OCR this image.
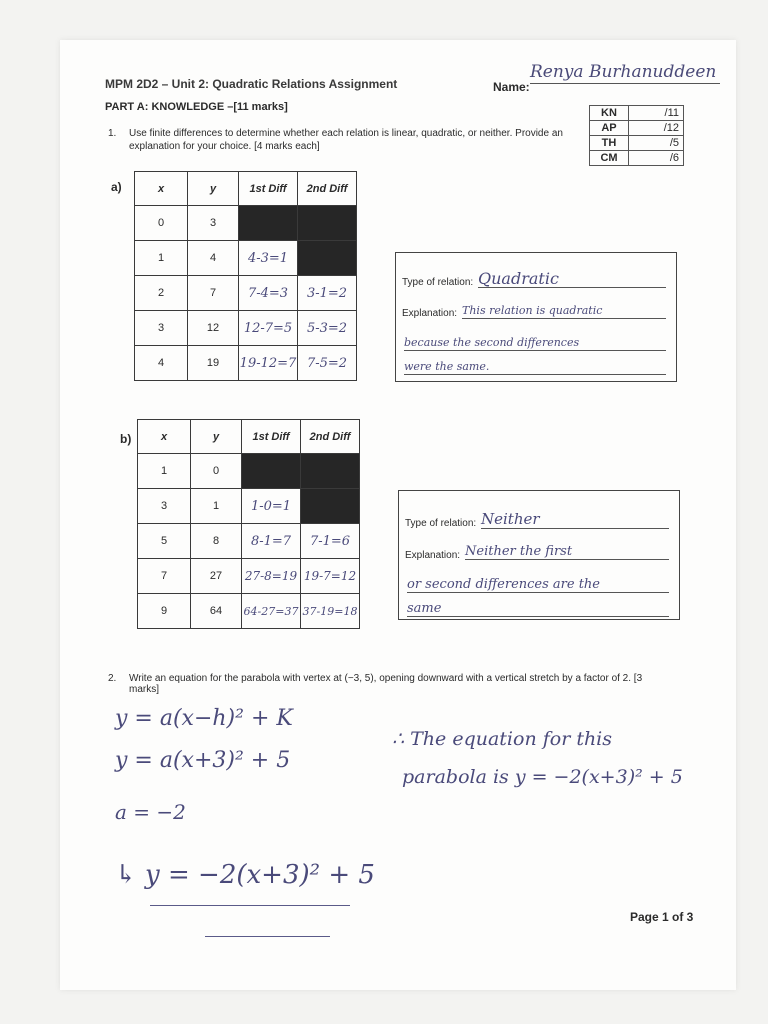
MPM 2D2 – Unit 2: Quadratic Relations Assignment	Name:
Renya Burhanuddeen
PART A: KNOWLEDGE –[11 marks]	KN	/11
AP	/12
TH	/5
CM	/6
1. Use finite differences to determine whether each relation is linear, quadratic, or neither. Provide an explanation for your choice. [4 marks each]
a)	x	y	1st Diff	2nd Diff
0	3		
1	4	4-3=1	
2	7	7-4=3	3-1=2
3	12	12-7=5	5-3=2
4	19	19-12=7	7-5=2
Type of relation: Quadratic
Explanation: This relation is quadratic
because the second differences
were the same.
b)	x	y	1st Diff	2nd Diff
1	0		
3	1	1-0=1	
5	8	8-1=7	7-1=6
7	27	27-8=19	19-7=12
9	64	64-27=37	37-19=18
Type of relation: Neither
Explanation: Neither the first
or second differences are the
same
2. Write an equation for the parabola with vertex at (−3, 5), opening downward with a vertical stretch by a factor of 2. [3 marks]
y = a(x−h)² + K
y = a(x+3)² + 5
a = −2
↳ y = −2(x+3)² + 5
∴ The equation for this
parabola is y = −2(x+3)² + 5
Page 1 of 3
